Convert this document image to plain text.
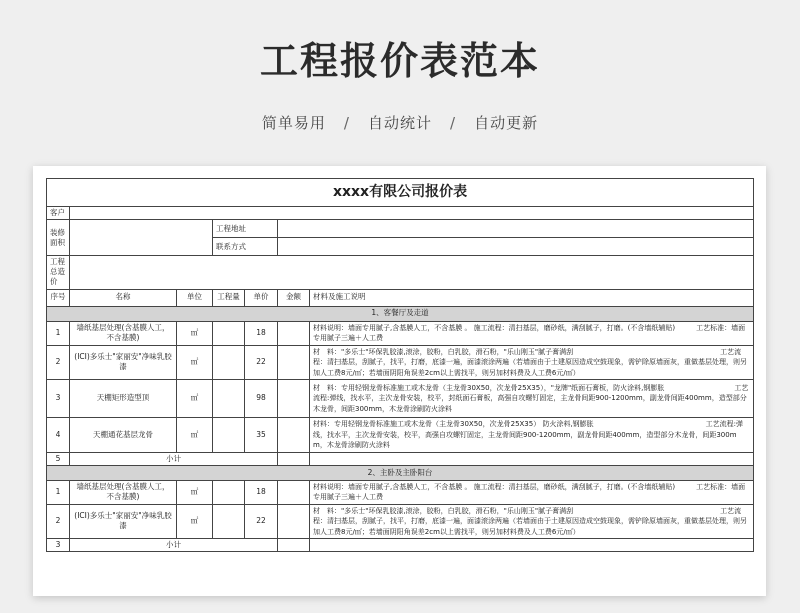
工程报价表范本
简单易用 / 自动统计 / 自动更新
xxxx有限公司报价表						
客户						
装修面积			工程地址			
			联系方式			
工程总造价						
序号	名称	单位	工程量	单价	金额	材料及施工说明
1、客餐厅及走道						
1	墙纸基层处理(含基膜人工，不含基膜)	㎡		18		材料说明：墙面专用腻子,含基膜人工，不含基膜 。 施工流程：清扫基层，磨砂纸，满刮腻子，打磨。(不含墙纸辅贴)　　　工艺标准：墙面专用腻子三遍＋人工费
2	(ICI)多乐士"家丽安"净味乳胶漆	㎡		22		材　料："多乐士"环保乳胶漆,滚涂，胶粉，白乳胶，滑石粉，"乐山刚玉"腻子膏满刮　　　　　　　　　　　　　　　　　　　　　工艺流程：清扫基层，刮腻子，找平，打磨，底漆一遍，面漆滚涂两遍（若墙面由于土建原因造成空鼓现象，需铲除原墙面灰，重做基层处理，则另加人工费8元/㎡；若墙面阴阳角误差2cm以上需找平，则另加材料费及人工费6元/㎡）
3	天棚矩形造型顶	㎡		98		材　料：专用轻钢龙骨标准施工或木龙骨（主龙骨30X50，次龙骨25X35），"龙牌"纸面石膏板，防火涂料,钢膨胀　　　　　　　　　　工艺流程:弹线，找水平，主次龙骨安装，校平，封纸面石膏板，高强自攻螺钉固定，主龙骨间距900-1200mm，副龙骨间距400mm，造型部分木龙骨，间距300mm，木龙骨涂刷防火涂料
4	天棚通花基层龙骨	㎡		35		材料：专用轻钢龙骨标准施工或木龙骨（主龙骨30X50，次龙骨25X35） 防火涂料,钢膨胀　　　　　　　　　　　　　　　　工艺流程:弹线，找水平，主次龙骨安装，校平，高强自攻螺钉固定，主龙骨间距900-1200mm，副龙骨间距400mm，造型部分木龙骨，间距300mm，木龙骨涂刷防火涂料
5	小计					
2、主卧及主卧阳台						
1	墙纸基层处理(含基膜人工，不含基膜)	㎡		18		材料说明：墙面专用腻子,含基膜人工，不含基膜 。 施工流程：清扫基层，磨砂纸，满刮腻子，打磨。(不含墙纸辅贴)　　　工艺标准：墙面专用腻子三遍＋人工费
2	(ICI)多乐士"家丽安"净味乳胶漆	㎡		22		材　料："多乐士"环保乳胶漆,滚涂，胶粉，白乳胶，滑石粉，"乐山刚玉"腻子膏满刮　　　　　　　　　　　　　　　　　　　　　工艺流程：清扫基层，刮腻子，找平，打磨，底漆一遍，面漆滚涂两遍（若墙面由于土建原因造成空鼓现象，需铲除原墙面灰，重做基层处理，则另加人工费8元/㎡；若墙面阴阳角误差2cm以上需找平，则另加材料费及人工费6元/㎡）
3	小计					
